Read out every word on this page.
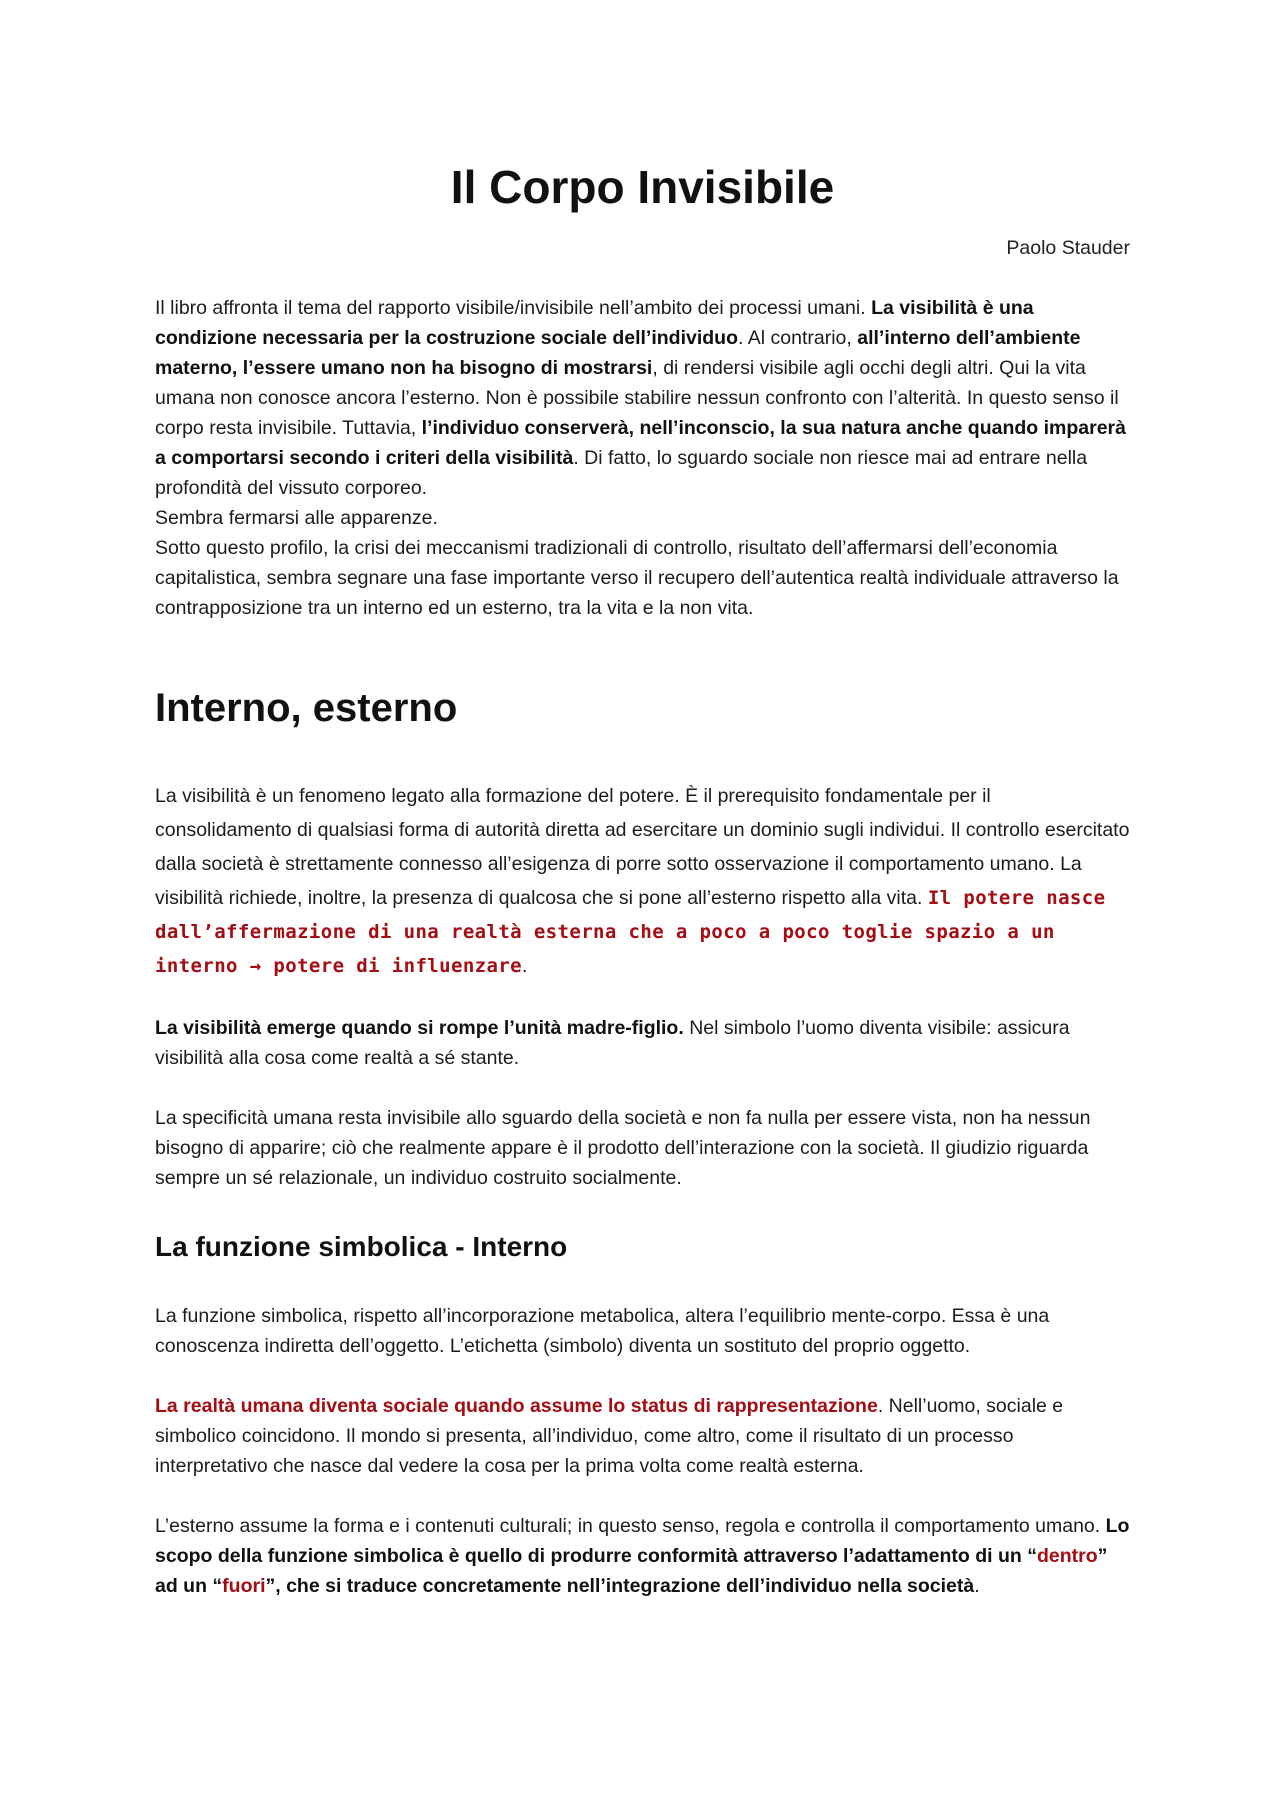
Il Corpo Invisibile
Paolo Stauder

Il libro affronta il tema del rapporto visibile/invisibile nell’ambito dei processi umani. La visibilità è una condizione necessaria per la costruzione sociale dell’individuo. Al contrario, all’interno dell’ambiente materno, l’essere umano non ha bisogno di mostrarsi, di rendersi visibile agli occhi degli altri. Qui la vita umana non conosce ancora l’esterno. Non è possibile stabilire nessun confronto con l’alterità. In questo senso il corpo resta invisibile. Tuttavia, l’individuo conserverà, nell’inconscio, la sua natura anche quando imparerà a comportarsi secondo i criteri della visibilità. Di fatto, lo sguardo sociale non riesce mai ad entrare nella profondità del vissuto corporeo.
Sembra fermarsi alle apparenze.
Sotto questo profilo, la crisi dei meccanismi tradizionali di controllo, risultato dell’affermarsi dell’economia capitalistica, sembra segnare una fase importante verso il recupero dell’autentica realtà individuale attraverso la contrapposizione tra un interno ed un esterno, tra la vita e la non vita.

Interno, esterno

La visibilità è un fenomeno legato alla formazione del potere. È il prerequisito fondamentale per il consolidamento di qualsiasi forma di autorità diretta ad esercitare un dominio sugli individui. Il controllo esercitato dalla società è strettamente connesso all’esigenza di porre sotto osservazione il comportamento umano. La visibilità richiede, inoltre, la presenza di qualcosa che si pone all’esterno rispetto alla vita. Il potere nasce dall’affermazione di una realtà esterna che a poco a poco toglie spazio a un interno → potere di influenzare.

La visibilità emerge quando si rompe l’unità madre-figlio. Nel simbolo l’uomo diventa visibile: assicura visibilità alla cosa come realtà a sé stante.

La specificità umana resta invisibile allo sguardo della società e non fa nulla per essere vista, non ha nessun bisogno di apparire; ciò che realmente appare è il prodotto dell’interazione con la società. Il giudizio riguarda sempre un sé relazionale, un individuo costruito socialmente.

La funzione simbolica - Interno

La funzione simbolica, rispetto all’incorporazione metabolica, altera l’equilibrio mente-corpo. Essa è una conoscenza indiretta dell’oggetto. L’etichetta (simbolo) diventa un sostituto del proprio oggetto.

La realtà umana diventa sociale quando assume lo status di rappresentazione. Nell’uomo, sociale e simbolico coincidono. Il mondo si presenta, all’individuo, come altro, come il risultato di un processo interpretativo che nasce dal vedere la cosa per la prima volta come realtà esterna.

L’esterno assume la forma e i contenuti culturali; in questo senso, regola e controlla il comportamento umano. Lo scopo della funzione simbolica è quello di produrre conformità attraverso l’adattamento di un “dentro” ad un “fuori”, che si traduce concretamente nell’integrazione dell’individuo nella società.
